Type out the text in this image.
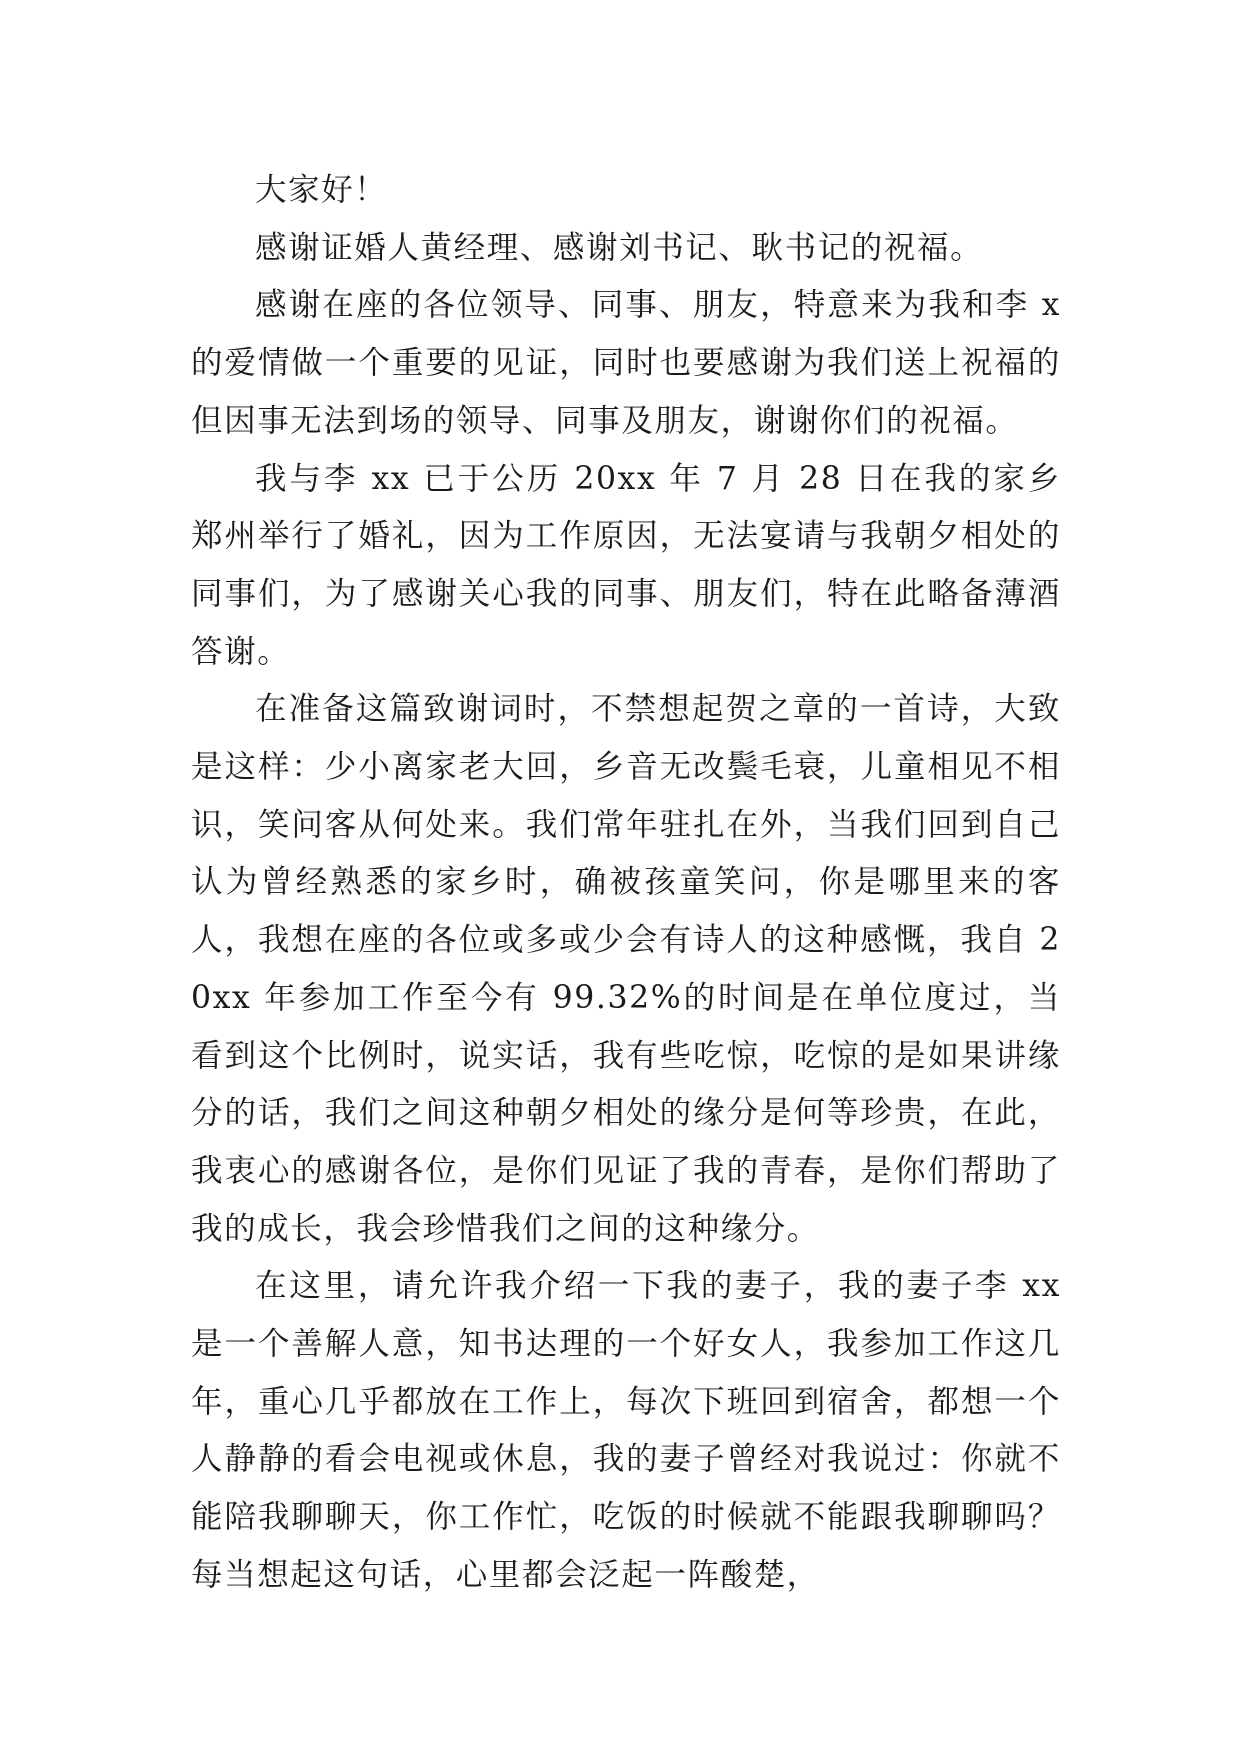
大家好！

感谢证婚人黄经理、感谢刘书记、耿书记的祝福。

感谢在座的各位领导、同事、朋友，特意来为我和李 x 的爱情做一个重要的见证，同时也要感谢为我们送上祝福的但因事无法到场的领导、同事及朋友，谢谢你们的祝福。

我与李 xx 已于公历 20xx 年 7 月 28 日在我的家乡郑州举行了婚礼，因为工作原因，无法宴请与我朝夕相处的同事们，为了感谢关心我的同事、朋友们，特在此略备薄酒答谢。

在准备这篇致谢词时，不禁想起贺之章的一首诗，大致是这样：少小离家老大回，乡音无改鬓毛衰，儿童相见不相识，笑问客从何处来。我们常年驻扎在外，当我们回到自己认为曾经熟悉的家乡时，确被孩童笑问，你是哪里来的客人，我想在座的各位或多或少会有诗人的这种感慨，我自 20xx 年参加工作至今有 99.32%的时间是在单位度过，当看到这个比例时，说实话，我有些吃惊，吃惊的是如果讲缘分的话，我们之间这种朝夕相处的缘分是何等珍贵，在此，我衷心的感谢各位，是你们见证了我的青春，是你们帮助了我的成长，我会珍惜我们之间的这种缘分。

在这里，请允许我介绍一下我的妻子，我的妻子李 xx 是一个善解人意，知书达理的一个好女人，我参加工作这几年，重心几乎都放在工作上，每次下班回到宿舍，都想一个人静静的看会电视或休息，我的妻子曾经对我说过：你就不能陪我聊聊天，你工作忙，吃饭的时候就不能跟我聊聊吗？每当想起这句话，心里都会泛起一阵酸楚，
